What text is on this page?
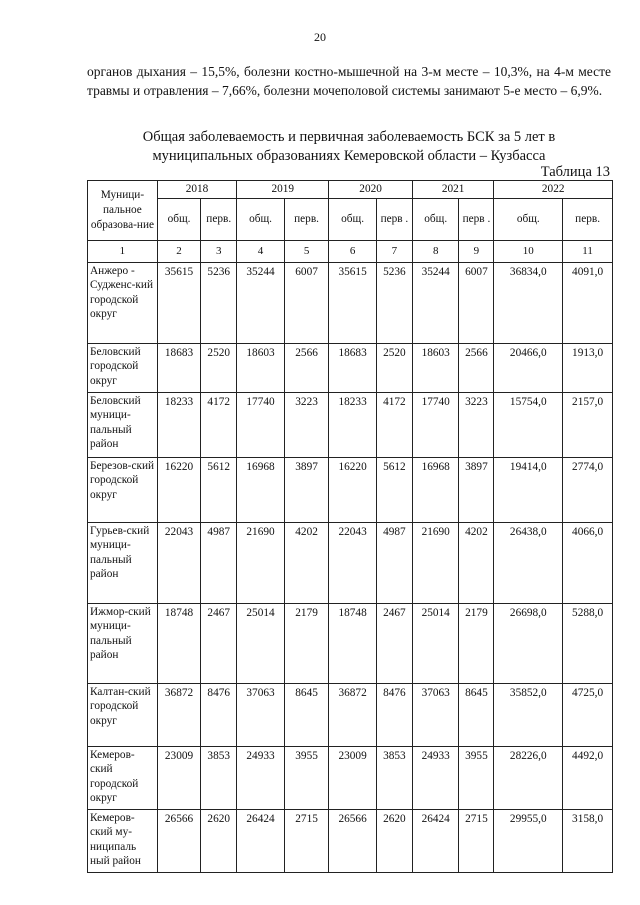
20

органов дыхания – 15,5%, болезни костно-мышечной на 3-м месте – 10,3%, на 4-м месте травмы и отравления – 7,66%, болезни мочеполовой системы занимают 5-е место – 6,9%.

Общая заболеваемость и первичная заболеваемость БСК за 5 лет в
муниципальных образованиях Кемеровской области – Кузбасса
Таблица 13
Муници-пальное образова-ние	2018		2019		2020		2021		2022	
	общ.	перв.	общ.	перв.	общ.	перв .	общ.	перв .	общ.	перв.
1	2	3	4	5	6	7	8	9	10	11
Анжеро - Судженс-кий городской округ	35615	5236	35244	6007	35615	5236	35244	6007	36834,0	4091,0
Беловский городской округ	18683	2520	18603	2566	18683	2520	18603	2566	20466,0	1913,0
Беловский муници-пальный район	18233	4172	17740	3223	18233	4172	17740	3223	15754,0	2157,0
Березов-ский городской округ	16220	5612	16968	3897	16220	5612	16968	3897	19414,0	2774,0
Гурьев-ский муници-пальный район	22043	4987	21690	4202	22043	4987	21690	4202	26438,0	4066,0
Ижмор-ский муници-пальный район	18748	2467	25014	2179	18748	2467	25014	2179	26698,0	5288,0
Калтан-ский городской округ	36872	8476	37063	8645	36872	8476	37063	8645	35852,0	4725,0
Кемеров-ский городской округ	23009	3853	24933	3955	23009	3853	24933	3955	28226,0	4492,0
Кемеров-ский му-ниципаль ный район	26566	2620	26424	2715	26566	2620	26424	2715	29955,0	3158,0
